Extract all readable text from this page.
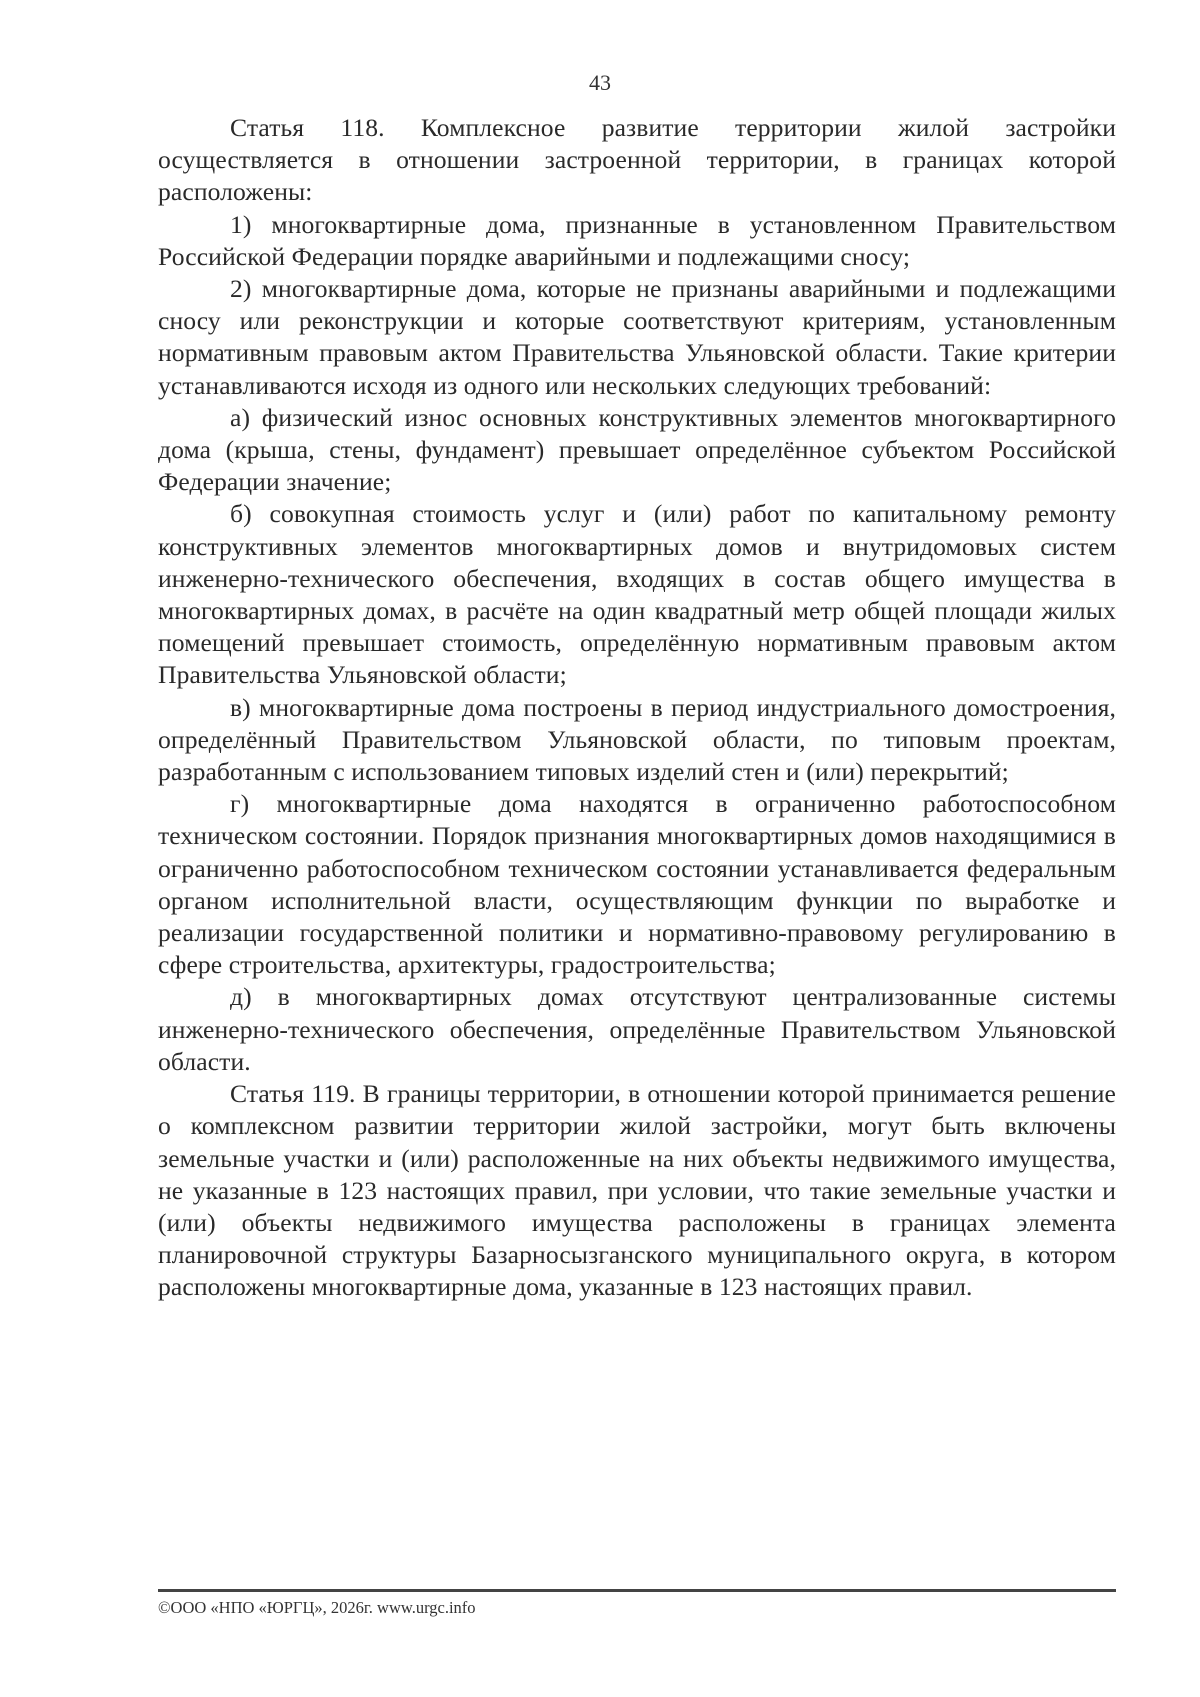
43

Статья 118. Комплексное развитие территории жилой застройки осуществляется в отношении застроенной территории, в границах которой расположены:

1) многоквартирные дома, признанные в установленном Правительством Российской Федерации порядке аварийными и подлежащими сносу;

2) многоквартирные дома, которые не признаны аварийными и подлежащими сносу или реконструкции и которые соответствуют критериям, установленным нормативным правовым актом Правительства Ульяновской области. Такие критерии устанавливаются исходя из одного или нескольких следующих требований:

а) физический износ основных конструктивных элементов многоквартирного дома (крыша, стены, фундамент) превышает определённое субъектом Российской Федерации значение;

б) совокупная стоимость услуг и (или) работ по капитальному ремонту конструктивных элементов многоквартирных домов и внутридомовых систем инженерно-технического обеспечения, входящих в состав общего имущества в многоквартирных домах, в расчёте на один квадратный метр общей площади жилых помещений превышает стоимость, определённую нормативным правовым актом Правительства Ульяновской области;

в) многоквартирные дома построены в период индустриального домостроения, определённый Правительством Ульяновской области, по типовым проектам, разработанным с использованием типовых изделий стен и (или) перекрытий;

г) многоквартирные дома находятся в ограниченно работоспособном техническом состоянии. Порядок признания многоквартирных домов находящимися в ограниченно работоспособном техническом состоянии устанавливается федеральным органом исполнительной власти, осуществляющим функции по выработке и реализации государственной политики и нормативно-правовому регулированию в сфере строительства, архитектуры, градостроительства;

д) в многоквартирных домах отсутствуют централизованные системы инженерно-технического обеспечения, определённые Правительством Ульяновской области.

Статья 119. В границы территории, в отношении которой принимается решение о комплексном развитии территории жилой застройки, могут быть включены земельные участки и (или) расположенные на них объекты недвижимого имущества, не указанные в 123 настоящих правил, при условии, что такие земельные участки и (или) объекты недвижимого имущества расположены в границах элемента планировочной структуры Базарносызганского муниципального округа, в котором расположены многоквартирные дома, указанные в 123 настоящих правил.

©ООО «НПО «ЮРГЦ», 2026г. www.urgc.info
